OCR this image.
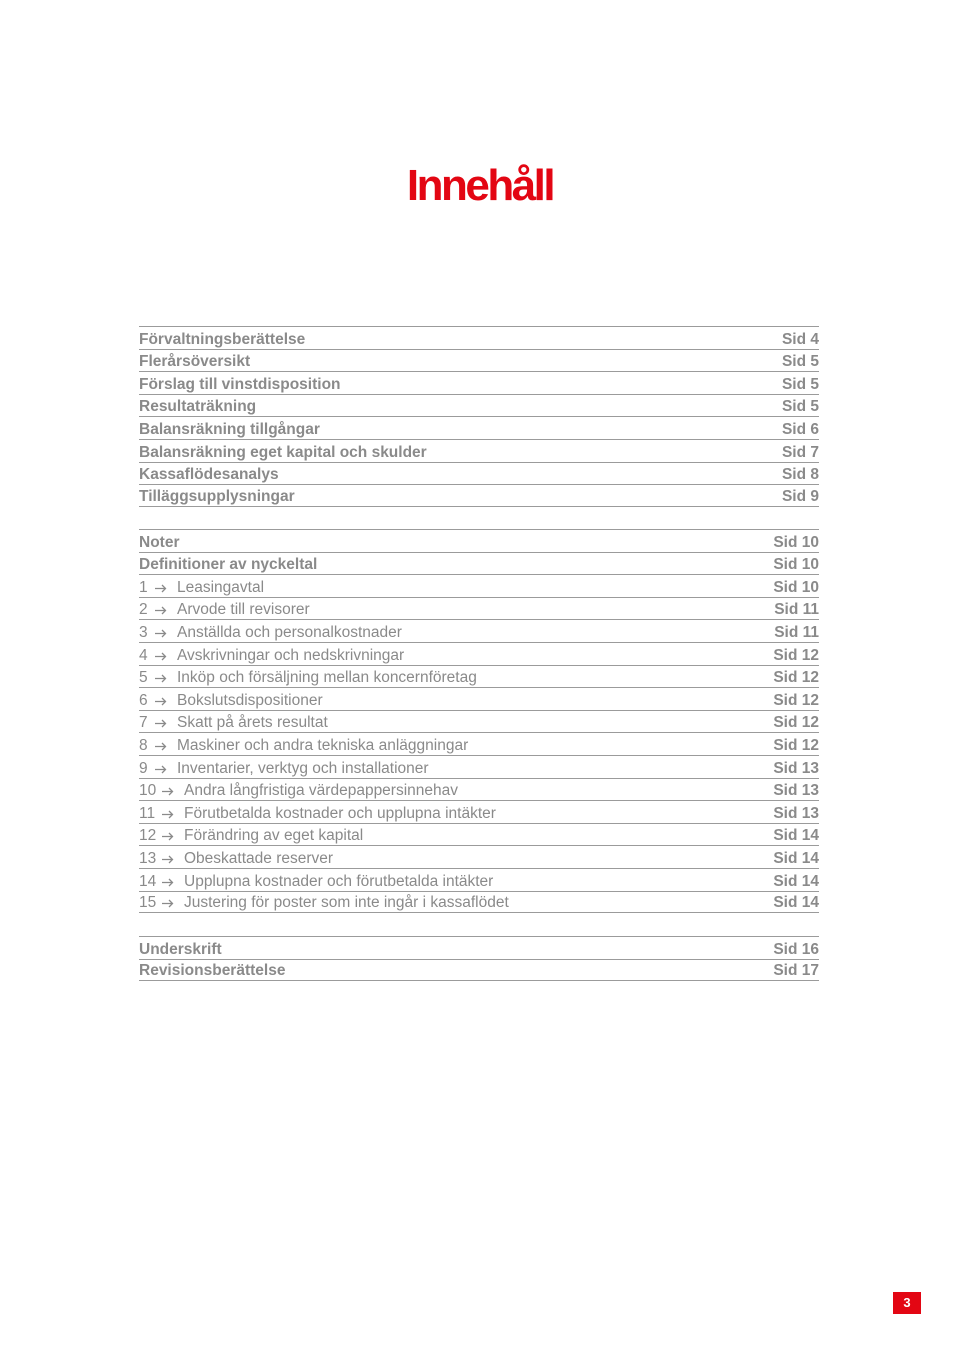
Innehåll
Förvaltningsberättelse	Sid 4
Flerårsöversikt	Sid 5
Förslag till vinstdisposition	Sid 5
Resultaträkning	Sid 5
Balansräkning tillgångar	Sid 6
Balansräkning eget kapital och skulder	Sid 7
Kassaflödesanalys	Sid 8
Tilläggsupplysningar	Sid 9
Noter	Sid 10
Definitioner av nyckeltal	Sid 10
1	Leasingavtal	Sid 10
2	Arvode till revisorer	Sid 11
3	Anställda och personalkostnader	Sid 11
4	Avskrivningar och nedskrivningar	Sid 12
5	Inköp och försäljning mellan koncernföretag	Sid 12
6	Bokslutsdispositioner	Sid 12
7	Skatt på årets resultat	Sid 12
8	Maskiner och andra tekniska anläggningar	Sid 12
9	Inventarier, verktyg och installationer	Sid 13
10	Andra långfristiga värdepappersinnehav	Sid 13
11	Förutbetalda kostnader och upplupna intäkter	Sid 13
12	Förändring av eget kapital	Sid 14
13	Obeskattade reserver	Sid 14
14	Upplupna kostnader och förutbetalda intäkter	Sid 14
15	Justering för poster som inte ingår i kassaflödet	Sid 14
Underskrift	Sid 16
Revisionsberättelse	Sid 17
3
